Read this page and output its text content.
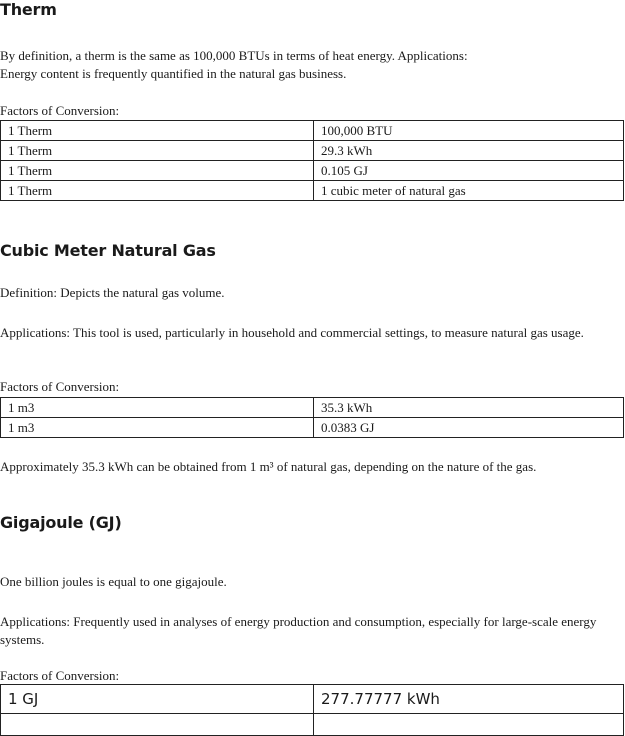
Therm

By definition, a therm is the same as 100,000 BTUs in terms of heat energy. Applications:

Energy content is frequently quantified in the natural gas business.

Factors of Conversion:

1 Therm	100,000 BTU
1 Therm	29.3 kWh
1 Therm	0.105 GJ
1 Therm	1 cubic meter of natural gas
Cubic Meter Natural Gas

Definition: Depicts the natural gas volume.

Applications: This tool is used, particularly in household and commercial settings, to measure natural gas usage.

Factors of Conversion:

1 m3	35.3 kWh
1 m3	0.0383 GJ

Approximately 35.3 kWh can be obtained from 1 m³ of natural gas, depending on the nature of the gas.

Gigajoule (GJ)

One billion joules is equal to one gigajoule.

Applications: Frequently used in analyses of energy production and consumption, especially for large-scale energy systems.

Factors of Conversion:

1 GJ	277.77777 kWh
